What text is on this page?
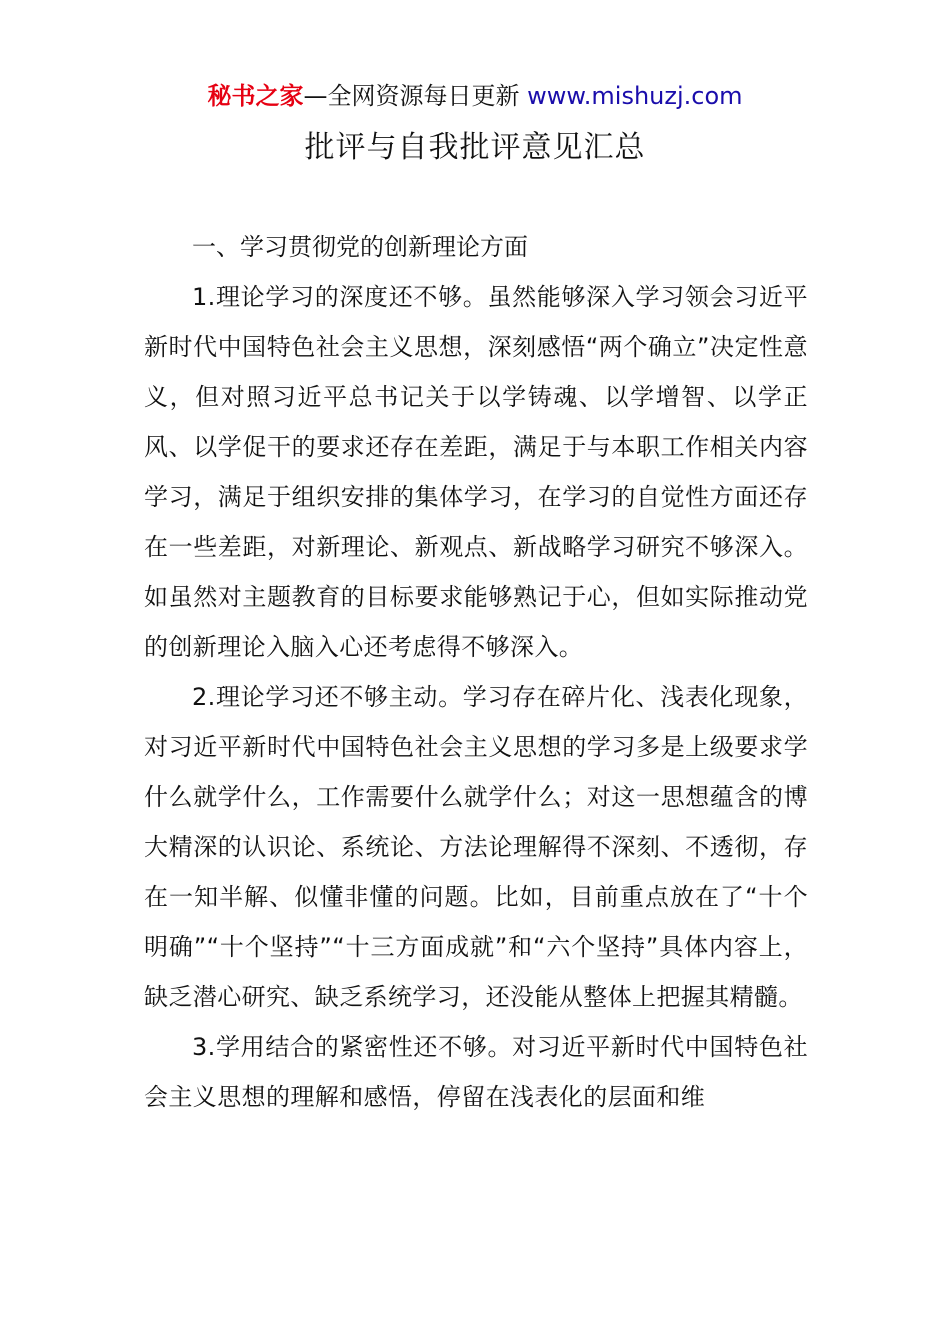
秘书之家—全网资源每日更新 www.mishuzj.com
批评与自我批评意见汇总

一、学习贯彻党的创新理论方面

1.理论学习的深度还不够。虽然能够深入学习领会习近平新时代中国特色社会主义思想，深刻感悟“两个确立”决定性意义，但对照习近平总书记关于以学铸魂、以学增智、以学正风、以学促干的要求还存在差距，满足于与本职工作相关内容学习，满足于组织安排的集体学习，在学习的自觉性方面还存在一些差距，对新理论、新观点、新战略学习研究不够深入。如虽然对主题教育的目标要求能够熟记于心，但如实际推动党的创新理论入脑入心还考虑得不够深入。

2.理论学习还不够主动。学习存在碎片化、浅表化现象，对习近平新时代中国特色社会主义思想的学习多是上级要求学什么就学什么，工作需要什么就学什么；对这一思想蕴含的博大精深的认识论、系统论、方法论理解得不深刻、不透彻，存在一知半解、似懂非懂的问题。比如，目前重点放在了“十个明确”“十个坚持”“十三方面成就”和“六个坚持”具体内容上，缺乏潜心研究、缺乏系统学习，还没能从整体上把握其精髓。

3.学用结合的紧密性还不够。对习近平新时代中国特色社会主义思想的理解和感悟，停留在浅表化的层面和维
